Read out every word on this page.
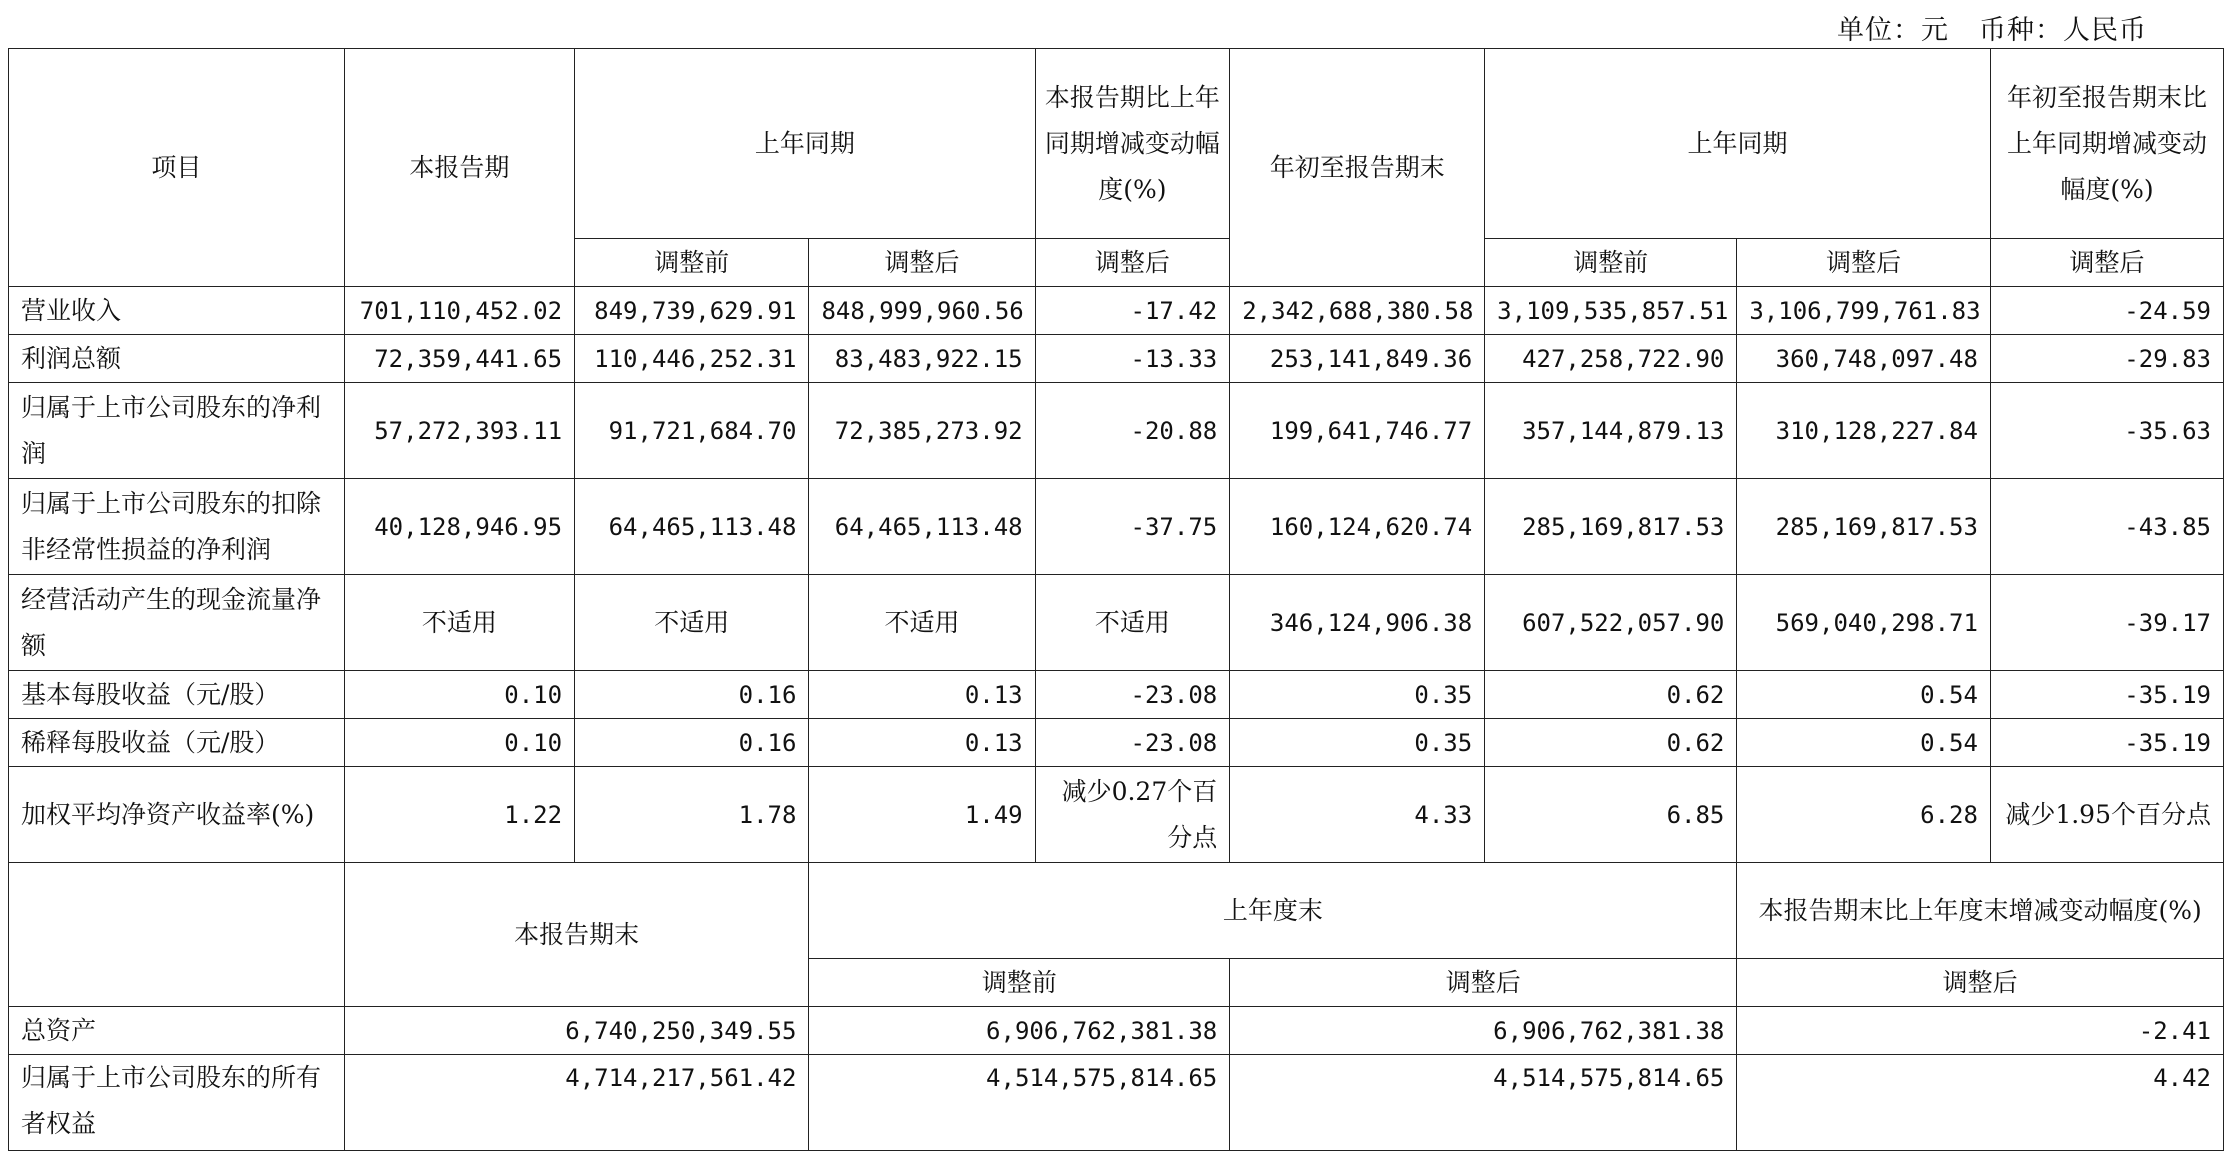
单位：元 币种：人民币
项目	本报告期	上年同期		本报告期比上年同期增减变动幅度(%)	年初至报告期末	上年同期		年初至报告期末比上年同期增减变动幅度(%)
		调整前	调整后	调整后		调整前	调整后	调整后
营业收入	701,110,452.02	849,739,629.91	848,999,960.56	-17.42	2,342,688,380.58	3,109,535,857.51	3,106,799,761.83	-24.59
利润总额	72,359,441.65	110,446,252.31	83,483,922.15	-13.33	253,141,849.36	427,258,722.90	360,748,097.48	-29.83
归属于上市公司股东的净利润	57,272,393.11	91,721,684.70	72,385,273.92	-20.88	199,641,746.77	357,144,879.13	310,128,227.84	-35.63
归属于上市公司股东的扣除非经常性损益的净利润	40,128,946.95	64,465,113.48	64,465,113.48	-37.75	160,124,620.74	285,169,817.53	285,169,817.53	-43.85
经营活动产生的现金流量净额	不适用	不适用	不适用	不适用	346,124,906.38	607,522,057.90	569,040,298.71	-39.17
基本每股收益（元/股）	0.10	0.16	0.13	-23.08	0.35	0.62	0.54	-35.19
稀释每股收益（元/股）	0.10	0.16	0.13	-23.08	0.35	0.62	0.54	-35.19
加权平均净资产收益率(%)	1.22	1.78	1.49	减少0.27个百分点	4.33	6.85	6.28	减少1.95个百分点
	本报告期末		上年度末				本报告期末比上年度末增减变动幅度(%)	
			调整前		调整后		调整后	
总资产	6,740,250,349.55		6,906,762,381.38		6,906,762,381.38		-2.41	
归属于上市公司股东的所有者权益	4,714,217,561.42		4,514,575,814.65		4,514,575,814.65		4.42	
